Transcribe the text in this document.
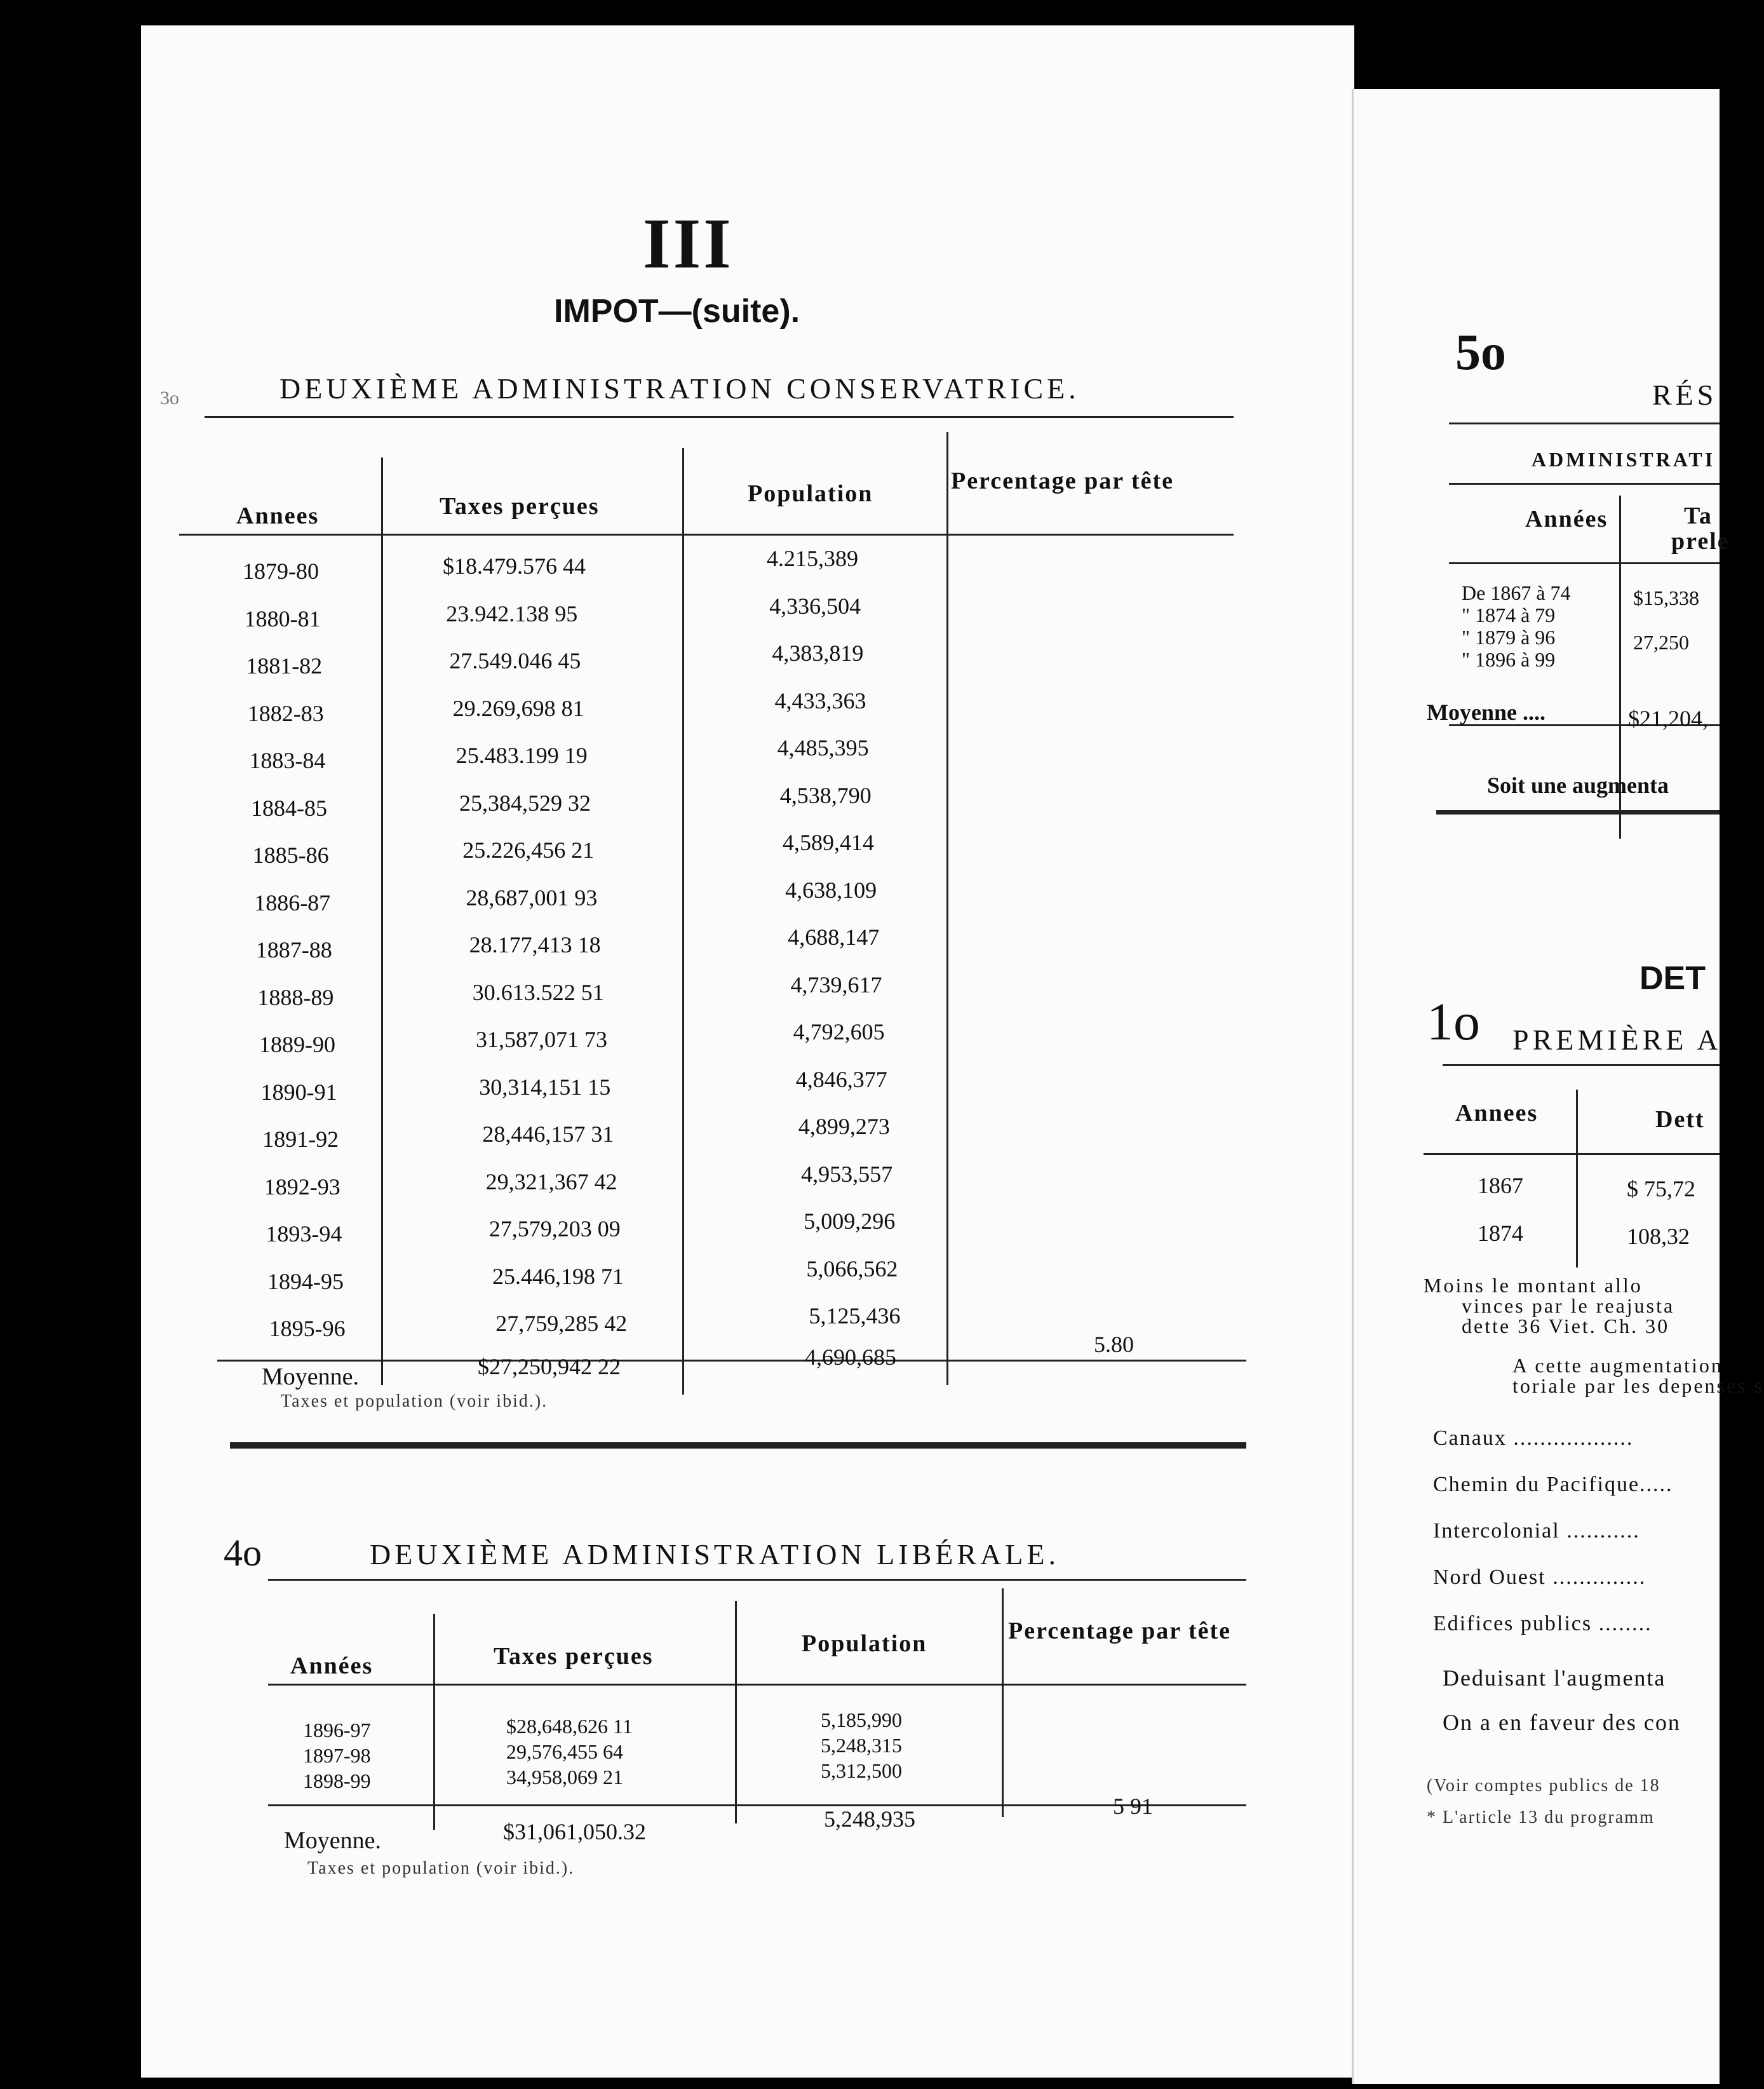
III
IMPOT—(suite).
3o	DEUXIÈME ADMINISTRATION CONSERVATRICE.
Annees	Taxes perçues	Population	Percentage par tête
1879-80	$18.479.576 44	4.215,389
1880-81	23.942.138 95	4,336,504
1881-82	27.549.046 45	4,383,819
1882-83	29.269,698 81	4,433,363
1883-84	25.483.199 19	4,485,395
1884-85	25,384,529 32	4,538,790
1885-86	25.226,456 21	4,589,414
1886-87	28,687,001 93	4,638,109
1887-88	28.177,413 18	4,688,147
1888-89	30.613.522 51	4,739,617
1889-90	31,587,071 73	4,792,605
1890-91	30,314,151 15	4,846,377
1891-92	28,446,157 31	4,899,273
1892-93	29,321,367 42	4,953,557
1893-94	27,579,203 09	5,009,296
1894-95	25.446,198 71	5,066,562
1895-96	27,759,285 42	5,125,436
Moyenne.	$27,250,942 22	4,690,685	5.80
Taxes et population (voir ibid.).
4o	DEUXIÈME ADMINISTRATION LIBÉRALE.
Années	Taxes perçues	Population	Percentage par tête
1896-97	$28,648,626 11	5,185,990
1897-98	29,576,455 64	5,248,315
1898-99	34,958,069 21	5,312,500
Moyenne.	$31,061,050.32	5,248,935	5 91
Taxes et population (voir ibid.).
5o
RÉS
ADMINISTRATI
Années	Ta
prele
De 1867 à 74	$15,338
" 1874 à 79
" 1879 à 96	27,250
" 1896 à 99
Moyenne ....	$21,204,
Soit une augmenta
DET
1o PREMIÈRE A
Annees	Dett
1867	$ 75,72
1874	108,32
Moins le montant allo
vinces par le reajusta
dette 36 Viet. Ch. 30
A cette augmentation
toriale par les depenses s
Canaux ..................
Chemin du Pacifique.....
Intercolonial ...........
Nord Ouest ..............
Edifices publics ........
Deduisant l'augmenta
On a en faveur des con
(Voir comptes publics de 18
* L'article 13 du programm
